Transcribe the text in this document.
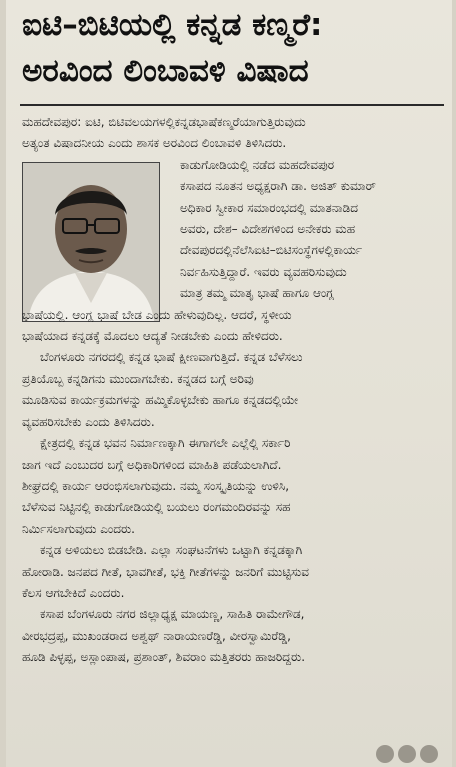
ಐಟಿ–ಬಿಟಿಯಲ್ಲಿ ಕನ್ನಡ ಕಣ್ಮರೆ:
ಅರವಿಂದ ಲಿಂಬಾವಳಿ ವಿಷಾದ
ಮಹದೇವಪುರ: ಐಟಿ, ಬಿಟಿವಲಯಗಳಲ್ಲಿಕನ್ನಡಭಾಷೆಕಣ್ಮರೆಯಾಗುತ್ತಿರುವುದು
ಅತ್ಯಂತ ವಿಷಾದನೀಯ ಎಂದು ಶಾಸಕ ಅರವಿಂದ ಲಿಂಬಾವಳಿ ತಿಳಿಸಿದರು.
ಕಾಡುಗೋಡಿಯಲ್ಲಿ ನಡೆದ ಮಹದೇವಪುರ
ಕಸಾಪದ ನೂತನ ಅಧ್ಯಕ್ಷರಾಗಿ ಡಾ. ಅಜಿತ್ ಕುಮಾರ್
ಅಧಿಕಾರ ಸ್ವೀಕಾರ ಸಮಾರಂಭದಲ್ಲಿ ಮಾತನಾಡಿದ
ಅವರು, ದೇಶ– ವಿದೇಶಗಳಿಂದ ಅನೇಕರು ಮಹ
ದೇವಪುರದಲ್ಲಿನೆಲೆಸಿಐಟಿ–ಬಿಟಿಸಂಸ್ಥೆಗಳಲ್ಲಿಕಾರ್ಯ
ನಿರ್ವಹಿಸುತ್ತಿದ್ದಾರೆ. ಇವರು ವ್ಯವಹರಿಸುವುದು
ಮಾತ್ರ ತಮ್ಮ ಮಾತೃ ಭಾಷೆ ಹಾಗೂ ಆಂಗ್ಲ
ಭಾಷೆಯಲ್ಲಿ. ಆಂಗ್ಲ ಭಾಷೆ ಬೇಡ ಎಂದು ಹೇಳುವುದಿಲ್ಲ. ಆದರೆ, ಸ್ಥಳೀಯ
ಭಾಷೆಯಾದ ಕನ್ನಡಕ್ಕೆ ಮೊದಲು ಆದ್ಯತೆ ನೀಡಬೇಕು ಎಂದು ಹೇಳಿದರು.
ಬೆಂಗಳೂರು ನಗರದಲ್ಲಿ ಕನ್ನಡ ಭಾಷೆ ಕ್ಷೀಣವಾಗುತ್ತಿದೆ. ಕನ್ನಡ ಬೆಳೆಸಲು
ಪ್ರತಿಯೊಬ್ಬ ಕನ್ನಡಿಗನು ಮುಂದಾಗಬೇಕು. ಕನ್ನಡದ ಬಗ್ಗೆ ಅರಿವು
ಮೂಡಿಸುವ ಕಾರ್ಯಕ್ರಮಗಳನ್ನು ಹಮ್ಮಿಕೊಳ್ಳಬೇಕು ಹಾಗೂ ಕನ್ನಡದಲ್ಲಿಯೇ
ವ್ಯವಹರಿಸಬೇಕು ಎಂದು ತಿಳಿಸಿದರು.
ಕ್ಷೇತ್ರದಲ್ಲಿ ಕನ್ನಡ ಭವನ ನಿರ್ಮಾಣಕ್ಕಾಗಿ ಈಗಾಗಲೇ ಎಲ್ಲೆಲ್ಲಿ ಸರ್ಕಾರಿ
ಜಾಗ ಇದೆ ಎಂಬುದರ ಬಗ್ಗೆ ಅಧಿಕಾರಿಗಳಿಂದ ಮಾಹಿತಿ ಪಡೆಯಲಾಗಿದೆ.
ಶೀಘ್ರದಲ್ಲಿ ಕಾರ್ಯ ಆರಂಭಿಸಲಾಗುವುದು. ನಮ್ಮ ಸಂಸ್ಕೃತಿಯನ್ನು ಉಳಿಸಿ,
ಬೆಳೆಸುವ ನಿಟ್ಟಿನಲ್ಲಿ ಕಾಡುಗೋಡಿಯಲ್ಲಿ ಬಯಲು ರಂಗಮಂದಿರವನ್ನು ಸಹ
ನಿರ್ಮಿಸಲಾಗುವುದು ಎಂದರು.
ಕನ್ನಡ ಅಳಿಯಲು ಬಿಡಬೇಡಿ. ಎಲ್ಲಾ ಸಂಘಟನೆಗಳು ಒಟ್ಟಾಗಿ ಕನ್ನಡಕ್ಕಾಗಿ
ಹೋರಾಡಿ. ಜನಪದ ಗೀತೆ, ಭಾವಗೀತೆ, ಭಕ್ತಿ ಗೀತೆಗಳನ್ನು ಜನರಿಗೆ ಮುಟ್ಟಿಸುವ
ಕೆಲಸ ಆಗಬೇಕಿದೆ ಎಂದರು.
ಕಸಾಪ ಬೆಂಗಳೂರು ನಗರ ಜಿಲ್ಲಾಧ್ಯಕ್ಷ ಮಾಯಣ್ಣ, ಸಾಹಿತಿ ರಾಮೇಗೌಡ,
ವೀರಭದ್ರಪ್ಪ, ಮುಖಂಡರಾದ ಅಶ್ವಥ್ ನಾರಾಯಣರೆಡ್ಡಿ, ವೀರಸ್ವಾಮಿರೆಡ್ಡಿ,
ಹೂಡಿ ಪಿಳ್ಳಪ್ಪ, ಅಸ್ಲಾಂಪಾಷ, ಪ್ರಶಾಂತ್, ಶಿವರಾಂ ಮತ್ತಿತರರು ಹಾಜರಿದ್ದರು.
